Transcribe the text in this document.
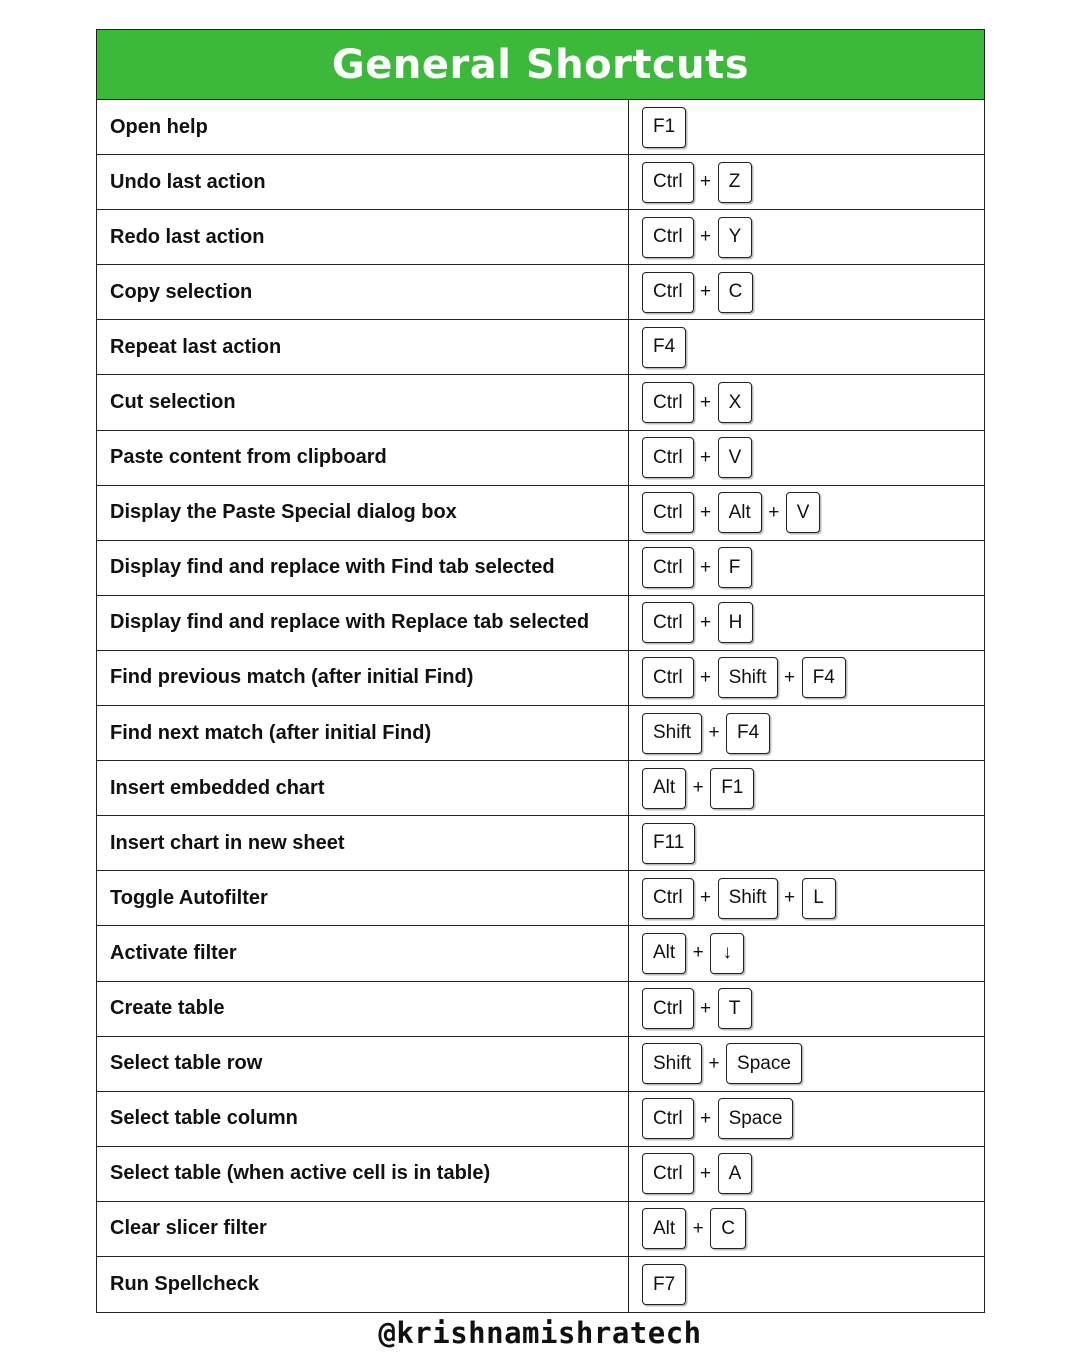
General Shortcuts
Open help	F1
Undo last action	Ctrl + Z
Redo last action	Ctrl + Y
Copy selection	Ctrl + C
Repeat last action	F4
Cut selection	Ctrl + X
Paste content from clipboard	Ctrl + V
Display the Paste Special dialog box	Ctrl + Alt + V
Display find and replace with Find tab selected	Ctrl + F
Display find and replace with Replace tab selected	Ctrl + H
Find previous match (after initial Find)	Ctrl + Shift + F4
Find next match (after initial Find)	Shift + F4
Insert embedded chart	Alt + F1
Insert chart in new sheet	F11
Toggle Autofilter	Ctrl + Shift + L
Activate filter	Alt + ↓
Create table	Ctrl + T
Select table row	Shift + Space
Select table column	Ctrl + Space
Select table (when active cell is in table)	Ctrl + A
Clear slicer filter	Alt + C
Run Spellcheck	F7
@krishnamishratech
